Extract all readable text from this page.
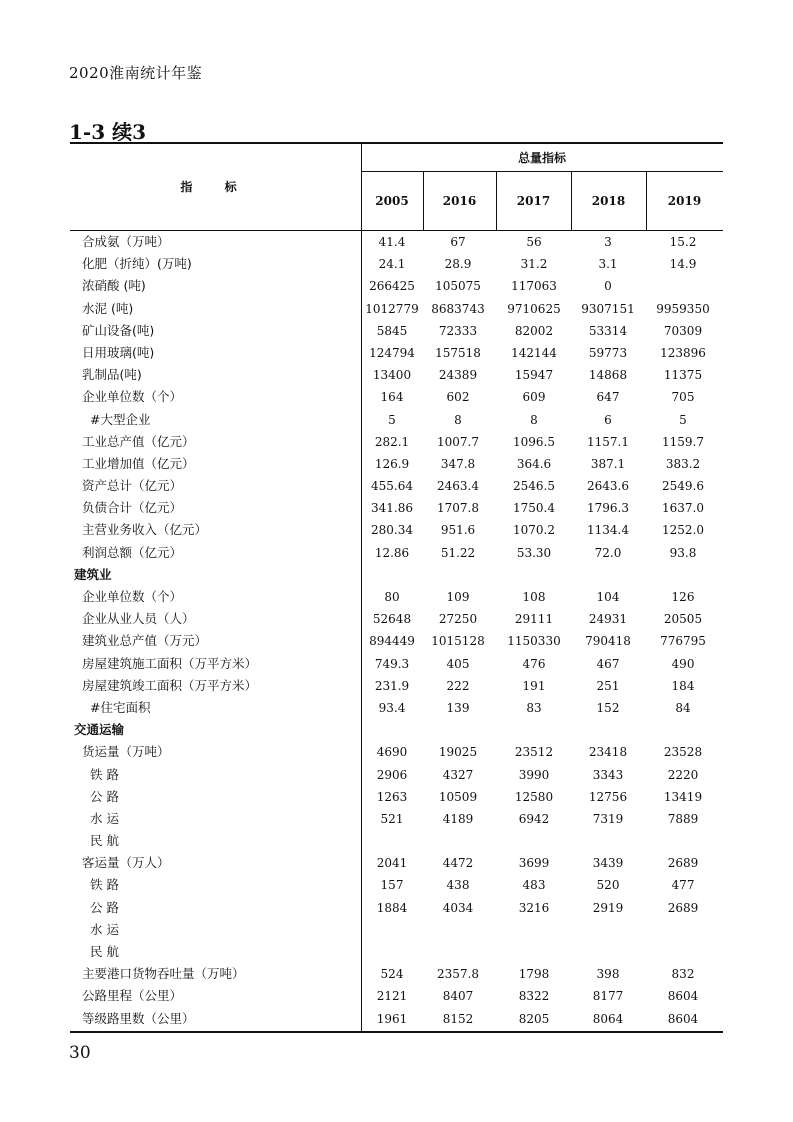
2020淮南统计年鉴
1-3 续3
总量指标
指 标
2005	2016	2017	2018	2019
合成氨（万吨）	41.4	67	56	3	15.2
化肥（折纯）(万吨)	24.1	28.9	31.2	3.1	14.9
浓硝酸 (吨)	266425	105075	117063	0
水泥 (吨)	1012779	8683743	9710625	9307151	9959350
矿山设备(吨)	5845	72333	82002	53314	70309
日用玻璃(吨)	124794	157518	142144	59773	123896
乳制品(吨)	13400	24389	15947	14868	11375
企业单位数（个）	164	602	609	647	705
#大型企业	5	8	8	6	5
工业总产值（亿元）	282.1	1007.7	1096.5	1157.1	1159.7
工业增加值（亿元）	126.9	347.8	364.6	387.1	383.2
资产总计（亿元）	455.64	2463.4	2546.5	2643.6	2549.6
负债合计（亿元）	341.86	1707.8	1750.4	1796.3	1637.0
主营业务收入（亿元）	280.34	951.6	1070.2	1134.4	1252.0
利润总额（亿元）	12.86	51.22	53.30	72.0	93.8
建筑业
企业单位数（个）	80	109	108	104	126
企业从业人员（人）	52648	27250	29111	24931	20505
建筑业总产值（万元）	894449	1015128	1150330	790418	776795
房屋建筑施工面积（万平方米）	749.3	405	476	467	490
房屋建筑竣工面积（万平方米）	231.9	222	191	251	184
#住宅面积	93.4	139	83	152	84
交通运输
货运量（万吨）	4690	19025	23512	23418	23528
铁 路	2906	4327	3990	3343	2220
公 路	1263	10509	12580	12756	13419
水 运	521	4189	6942	7319	7889
民 航
客运量（万人）	2041	4472	3699	3439	2689
铁 路	157	438	483	520	477
公 路	1884	4034	3216	2919	2689
水 运
民 航
主要港口货物吞吐量（万吨）	524	2357.8	1798	398	832
公路里程（公里）	2121	8407	8322	8177	8604
等级路里数（公里）	1961	8152	8205	8064	8604
30
